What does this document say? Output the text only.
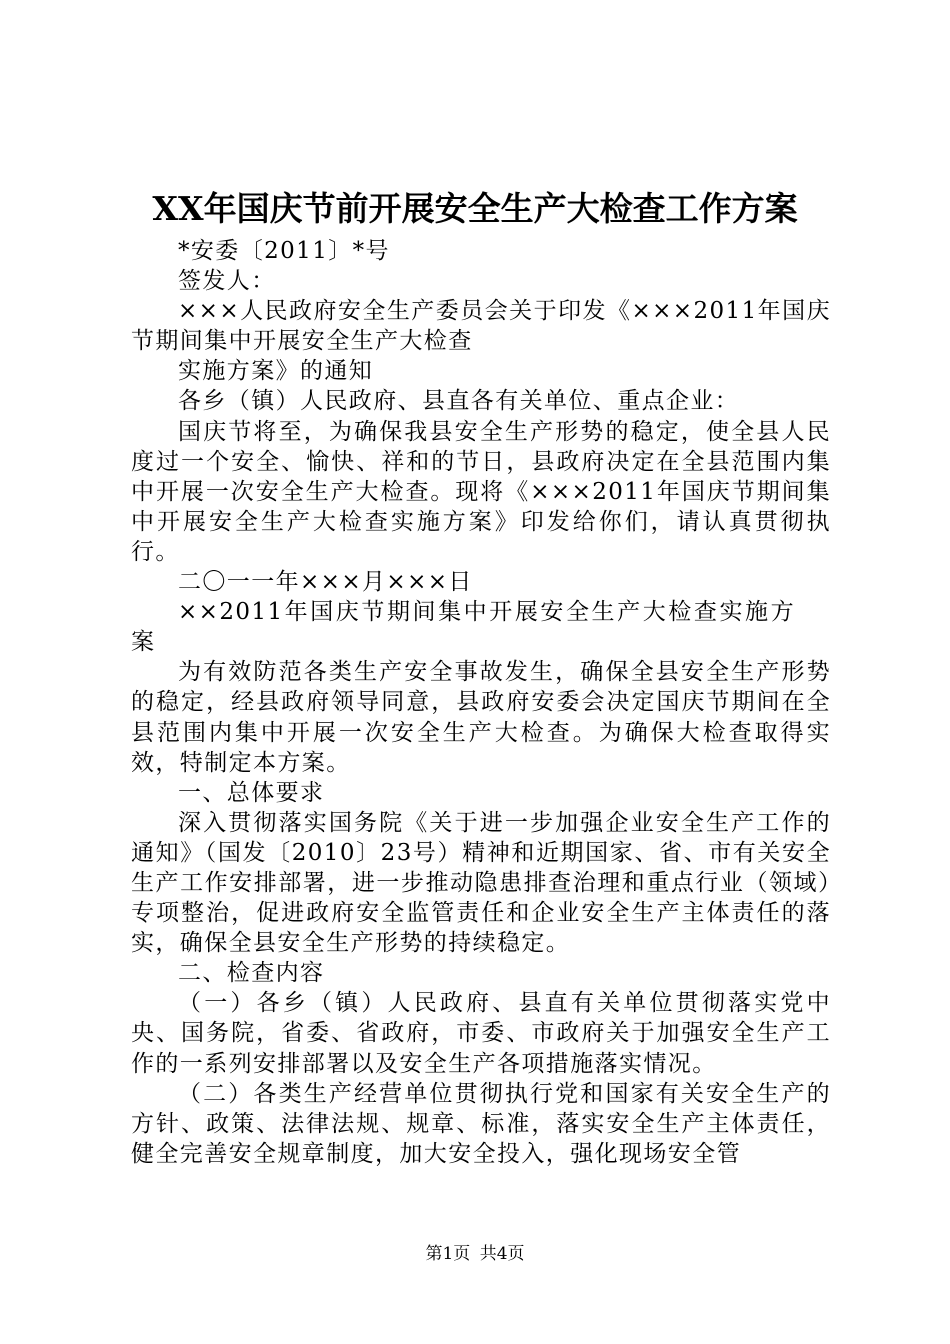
XX年国庆节前开展安全生产大检查工作方案

*安委〔2011〕*号

签发人：

×××人民政府安全生产委员会关于印发《×××2011年国庆节期间集中开展安全生产大检查

实施方案》的通知

各乡（镇）人民政府、县直各有关单位、重点企业：

国庆节将至，为确保我县安全生产形势的稳定，使全县人民度过一个安全、愉快、祥和的节日，县政府决定在全县范围内集中开展一次安全生产大检查。现将《×××2011年国庆节期间集中开展安全生产大检查实施方案》印发给你们，请认真贯彻执行。

二〇一一年×××月×××日

××2011年国庆节期间集中开展安全生产大检查实施方案

为有效防范各类生产安全事故发生，确保全县安全生产形势的稳定，经县政府领导同意，县政府安委会决定国庆节期间在全县范围内集中开展一次安全生产大检查。为确保大检查取得实效，特制定本方案。

一、总体要求

深入贯彻落实国务院《关于进一步加强企业安全生产工作的通知》（国发〔2010〕23号）精神和近期国家、省、市有关安全生产工作安排部署，进一步推动隐患排查治理和重点行业（领域）专项整治，促进政府安全监管责任和企业安全生产主体责任的落实，确保全县安全生产形势的持续稳定。

二、检查内容

（一）各乡（镇）人民政府、县直有关单位贯彻落实党中央、国务院，省委、省政府，市委、市政府关于加强安全生产工作的一系列安排部署以及安全生产各项措施落实情况。

（二）各类生产经营单位贯彻执行党和国家有关安全生产的方针、政策、法律法规、规章、标准，落实安全生产主体责任，健全完善安全规章制度，加大安全投入，强化现场安全管

第1页 共4页
